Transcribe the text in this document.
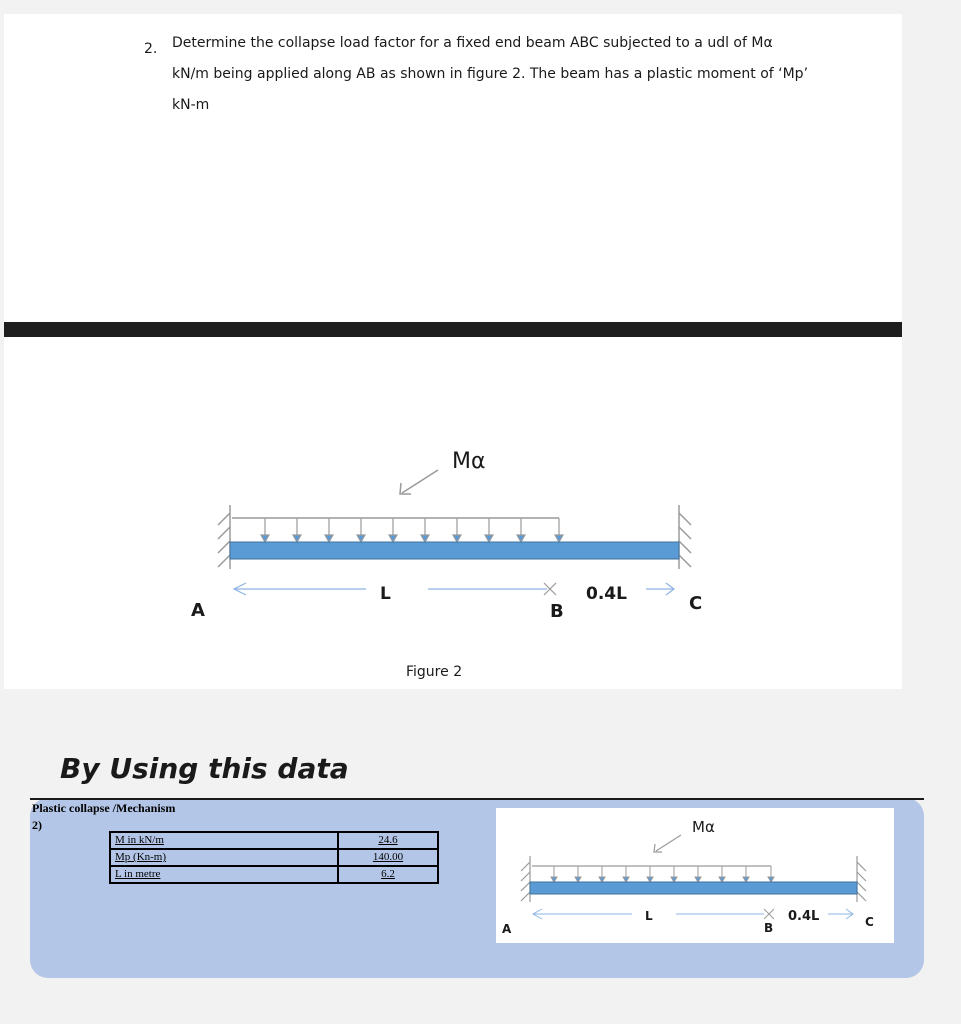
2. Determine the collapse load factor for a fixed end beam ABC subjected to a udl of Mα
kN/m being applied along AB as shown in figure 2. The beam has a plastic moment of ‘Mp’
kN-m
Mα
L	0.4L
A	B	C
Figure 2
By Using this data
Plastic collapse /Mechanism
2)
M in kN/m	24.6
Mp (Kn-m)	140.00
L in metre	6.2
Mα
L	0.4L
A	B	C
